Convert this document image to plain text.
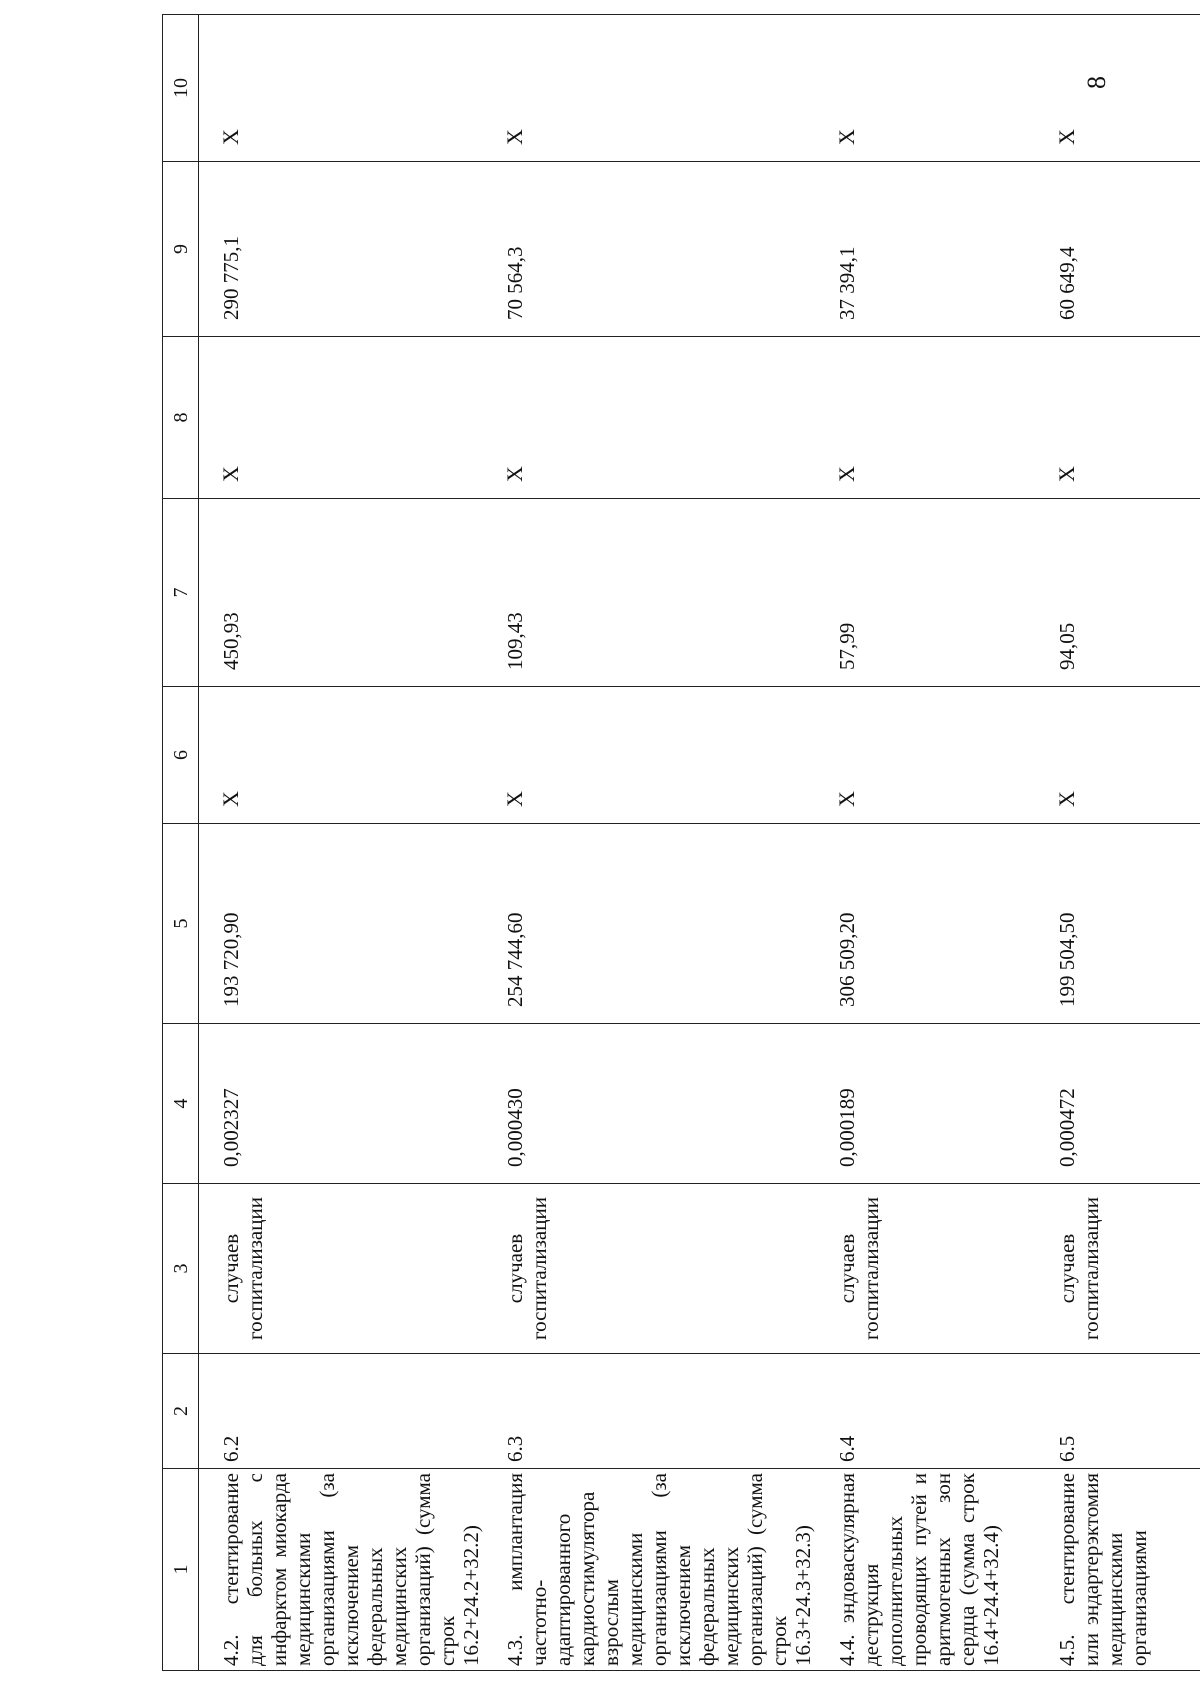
8
1	2	3	4	5	6	7	8	9	10

4.2. стентирование для больных с инфарктом миокарда медицинскими организациями (за исключением федеральных медицинских организаций) (сумма строк 16.2+24.2+32.2)	6.2	случаев госпитализации	0,002327	193 720,90	X	450,93	X	290 775,1	X

4.3. имплантация частотно-адаптированного кардиостимулятора взрослым медицинскими организациями (за исключением федеральных медицинских организаций) (сумма строк 16.3+24.3+32.3)	6.3	случаев госпитализации	0,000430	254 744,60	X	109,43	X	70 564,3	X

4.4. эндоваскулярная деструкция дополнительных проводящих путей и аритмогенных зон сердца (сумма строк 16.4+24.4+32.4)	6.4	случаев госпитализации	0,000189	306 509,20	X	57,99	X	37 394,1	X

4.5. стентирование или эндартерэктомия медицинскими организациями	6.5	случаев госпитализации	0,000472	199 504,50	X	94,05	X	60 649,4	X
